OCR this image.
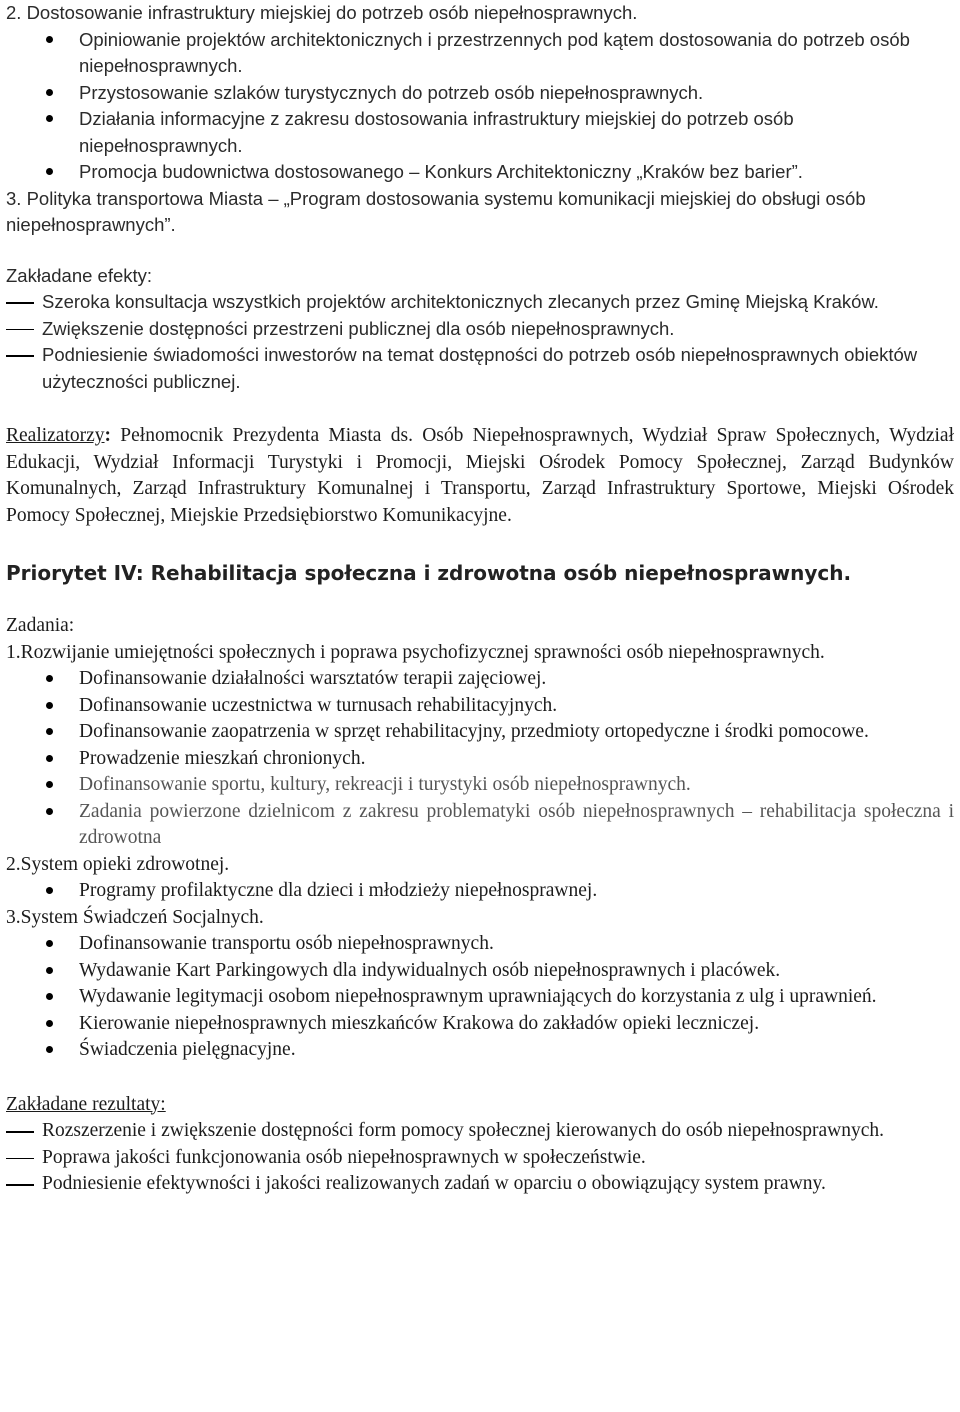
2. Dostosowanie infrastruktury miejskiej do potrzeb osób niepełnosprawnych.

Opiniowanie projektów architektonicznych i przestrzennych pod kątem dostosowania do potrzeb osób niepełnosprawnych.
Przystosowanie szlaków turystycznych do potrzeb osób niepełnosprawnych.
Działania informacyjne z zakresu dostosowania infrastruktury miejskiej do potrzeb osób niepełnosprawnych.
Promocja budownictwa dostosowanego – Konkurs Architektoniczny „Kraków bez barier”.

3. Polityka transportowa Miasta – „Program dostosowania systemu komunikacji miejskiej do obsługi osób niepełnosprawnych”.

Zakładane efekty:

Szeroka konsultacja wszystkich projektów architektonicznych zlecanych przez Gminę Miejską Kraków.
Zwiększenie dostępności przestrzeni publicznej dla osób niepełnosprawnych.
Podniesienie świadomości inwestorów na temat dostępności do potrzeb osób niepełnosprawnych obiektów użyteczności publicznej.

Realizatorzy: Pełnomocnik Prezydenta Miasta ds. Osób Niepełnosprawnych, Wydział Spraw Społecznych, Wydział Edukacji, Wydział Informacji Turystyki i Promocji, Miejski Ośrodek Pomocy Społecznej, Zarząd Budynków Komunalnych, Zarząd Infrastruktury Komunalnej i Transportu, Zarząd Infrastruktury Sportowe, Miejski Ośrodek Pomocy Społecznej, Miejskie Przedsiębiorstwo Komunikacyjne.

Priorytet IV: Rehabilitacja społeczna i zdrowotna osób niepełnosprawnych.

Zadania:

1.Rozwijanie umiejętności społecznych i poprawa psychofizycznej sprawności osób niepełnosprawnych.

Dofinansowanie działalności warsztatów terapii zajęciowej.
Dofinansowanie uczestnictwa w turnusach rehabilitacyjnych.
Dofinansowanie zaopatrzenia w sprzęt rehabilitacyjny, przedmioty ortopedyczne i środki pomocowe.
Prowadzenie mieszkań chronionych.
Dofinansowanie sportu, kultury, rekreacji i turystyki osób niepełnosprawnych.
Zadania powierzone dzielnicom z zakresu problematyki osób niepełnosprawnych – rehabilitacja społeczna i zdrowotna

2.System opieki zdrowotnej.

Programy profilaktyczne dla dzieci i młodzieży niepełnosprawnej.

3.System Świadczeń Socjalnych.

Dofinansowanie transportu osób niepełnosprawnych.
Wydawanie Kart Parkingowych dla indywidualnych osób niepełnosprawnych i placówek.
Wydawanie legitymacji osobom niepełnosprawnym uprawniających do korzystania z ulg i uprawnień.
Kierowanie niepełnosprawnych mieszkańców Krakowa do zakładów opieki leczniczej.
Świadczenia pielęgnacyjne.

Zakładane rezultaty:

Rozszerzenie i zwiększenie dostępności form pomocy społecznej kierowanych do osób niepełnosprawnych.
Poprawa jakości funkcjonowania osób niepełnosprawnych w społeczeństwie.
Podniesienie efektywności i jakości realizowanych zadań w oparciu o obowiązujący system prawny.
